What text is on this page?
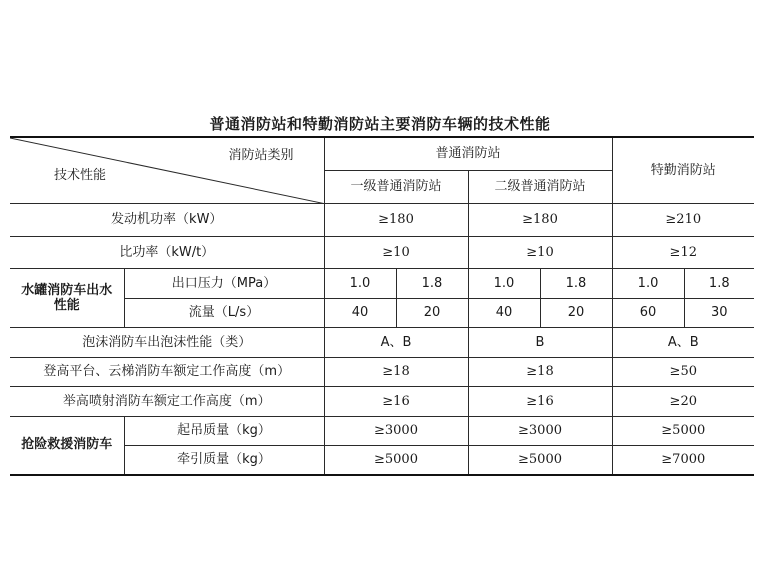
普通消防站和特勤消防站主要消防车辆的技术性能
消防站类别
技术性能		普通消防站				特勤消防站	
		一级普通消防站		二级普通消防站			
发动机功率（kW）		≥180		≥180		≥210	
比功率（kW/t）		≥10		≥10		≥12	
水罐消防车出水性能	出口压力（MPa）	1.0	1.8	1.0	1.8	1.0	1.8
	流量（L/s）	40	20	40	20	60	30
泡沫消防车出泡沫性能（类）		A、B		B		A、B	
登高平台、云梯消防车额定工作高度（m）		≥18		≥18		≥50	
举高喷射消防车额定工作高度（m）		≥16		≥16		≥20	
抢险救援消防车	起吊质量（kg）	≥3000		≥3000		≥5000	
	牵引质量（kg）	≥5000		≥5000		≥7000	
